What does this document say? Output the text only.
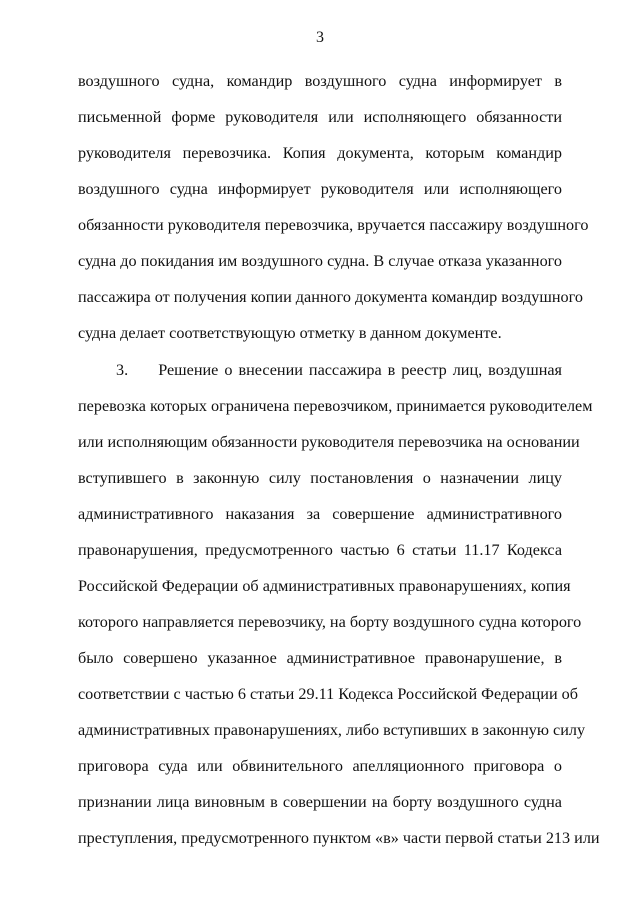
3
воздушного судна, командир воздушного судна информирует в
письменной форме руководителя или исполняющего обязанности
руководителя перевозчика. Копия документа, которым командир
воздушного судна информирует руководителя или исполняющего
обязанности руководителя перевозчика, вручается пассажиру воздушного
судна до покидания им воздушного судна. В случае отказа указанного
пассажира от получения копии данного документа командир воздушного
судна делает соответствующую отметку в данном документе.
3.     Решение о внесении пассажира в реестр лиц, воздушная
перевозка которых ограничена перевозчиком, принимается руководителем
или исполняющим обязанности руководителя перевозчика на основании
вступившего в законную силу постановления о назначении лицу
административного наказания за совершение административного
правонарушения, предусмотренного частью 6 статьи 11.17 Кодекса
Российской Федерации об административных правонарушениях, копия
которого направляется перевозчику, на борту воздушного судна которого
было совершено указанное административное правонарушение, в
соответствии с частью 6 статьи 29.11 Кодекса Российской Федерации об
административных правонарушениях, либо вступивших в законную силу
приговора суда или обвинительного апелляционного приговора о
признании лица виновным в совершении на борту воздушного судна
преступления, предусмотренного пунктом «в» части первой статьи 213 или
